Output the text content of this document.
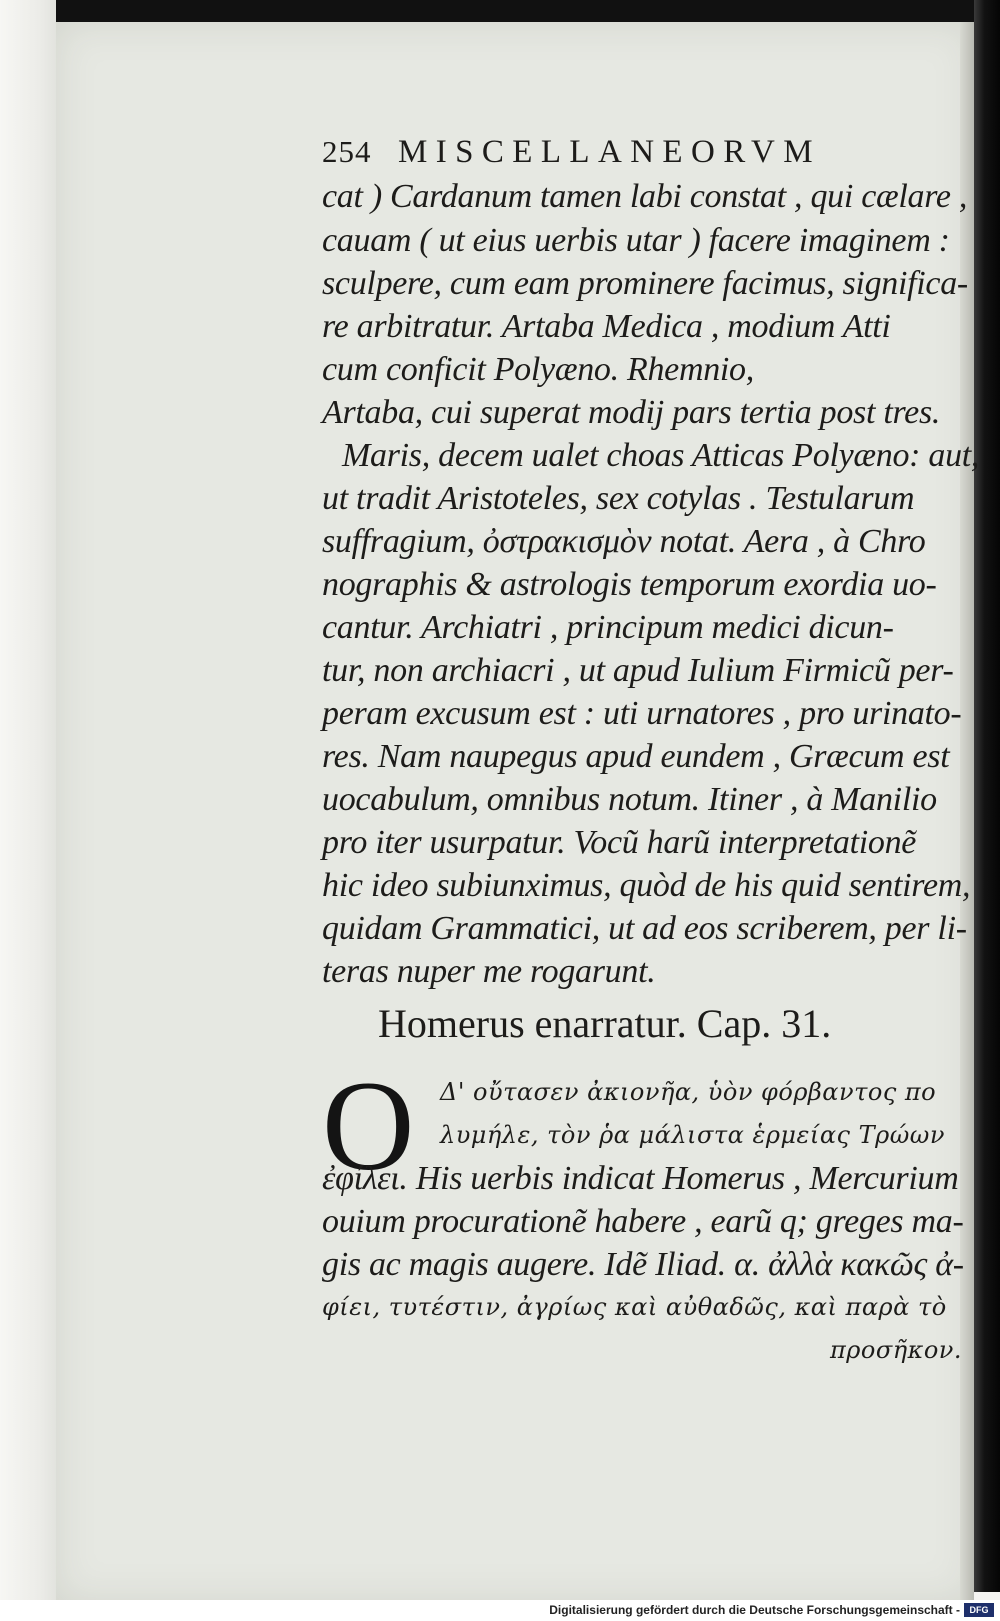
254 MISCELLANEORVM
cat ) Cardanum tamen labi constat , qui cælare ,
cauam ( ut eius uerbis utar ) facere imaginem :
sculpere, cum eam prominere facimus, significa-
re arbitratur. Artaba Medica , modium Atti
cum conficit Polyæno. Rhemnio,
Artaba, cui superat modij pars tertia post tres.
Maris, decem ualet choas Atticas Polyæno: aut,
ut tradit Aristoteles, sex cotylas . Testularum
suffragium, ὀστρακισμὸν notat. Aera , à Chro
nographis & astrologis temporum exordia uo-
cantur. Archiatri , principum medici dicun-
tur, non archiacri , ut apud Iulium Firmicũ per-
peram excusum est : uti urnatores , pro urinato-
res. Nam naupegus apud eundem , Græcum est
uocabulum, omnibus notum. Itiner , à Manilio
pro iter usurpatur. Vocũ harũ interpretationẽ
hic ideo subiunximus, quòd de his quid sentirem,
quidam Grammatici, ut ad eos scriberem, per li-
teras nuper me rogarunt.
Homerus enarratur. Cap. 31.
O Δ' οὔτασεν ἀκιονῆα, ὑὸν φόρβαντος πο
λυμήλε, τὸν ῥα μάλιστα ἑρμείας Τρώων
ἐφίλει. His uerbis indicat Homerus , Mercurium
ouium procurationẽ habere , earũ q; greges ma-
gis ac magis augere. Idẽ Iliad. α. ἀλλὰ κακῶς ἀ-
φίει, τυτέστιν, ἀγρίως καὶ αὐθαδῶς, καὶ παρὰ τὸ
προσῆκον.
Digitalisierung gefördert durch die Deutsche Forschungsgemeinschaft -	DFG
